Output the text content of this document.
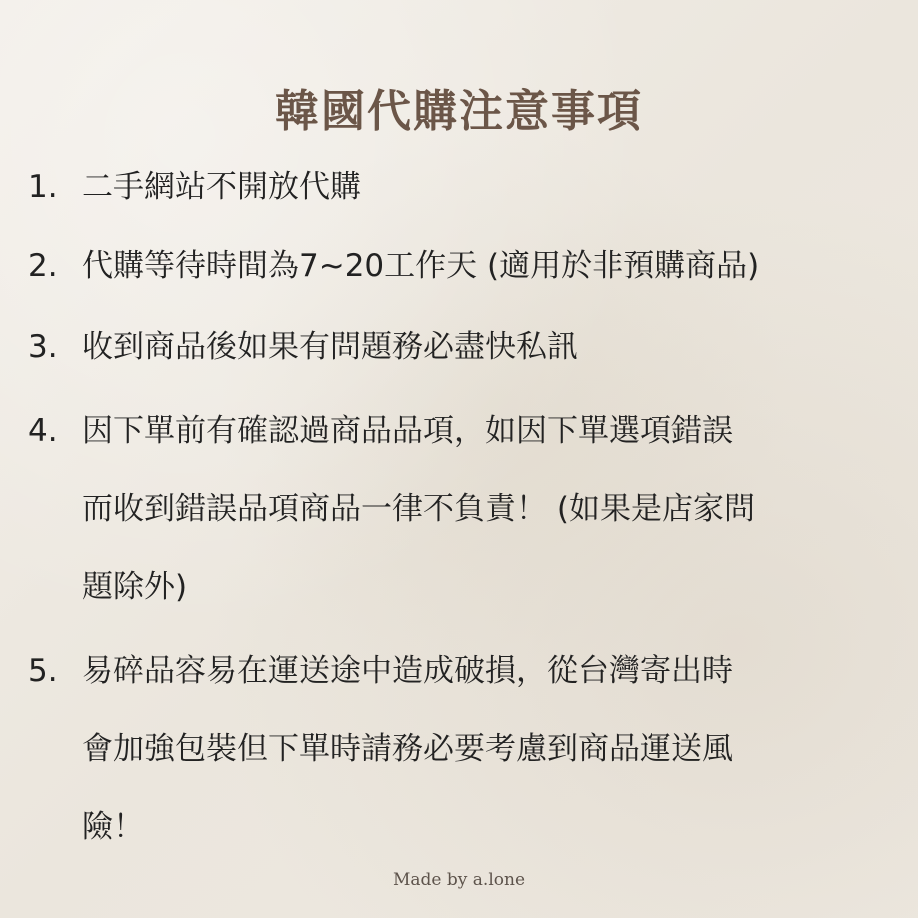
韓國代購注意事項
1. 二手網站不開放代購
2. 代購等待時間為7~20工作天 (適用於非預購商品)
3. 收到商品後如果有問題務必盡快私訊
4. 因下單前有確認過商品品項，如因下單選項錯誤
而收到錯誤品項商品一律不負責！ (如果是店家問
題除外)
5. 易碎品容易在運送途中造成破損，從台灣寄出時
會加強包裝但下單時請務必要考慮到商品運送風
險！
Made by a.lone
